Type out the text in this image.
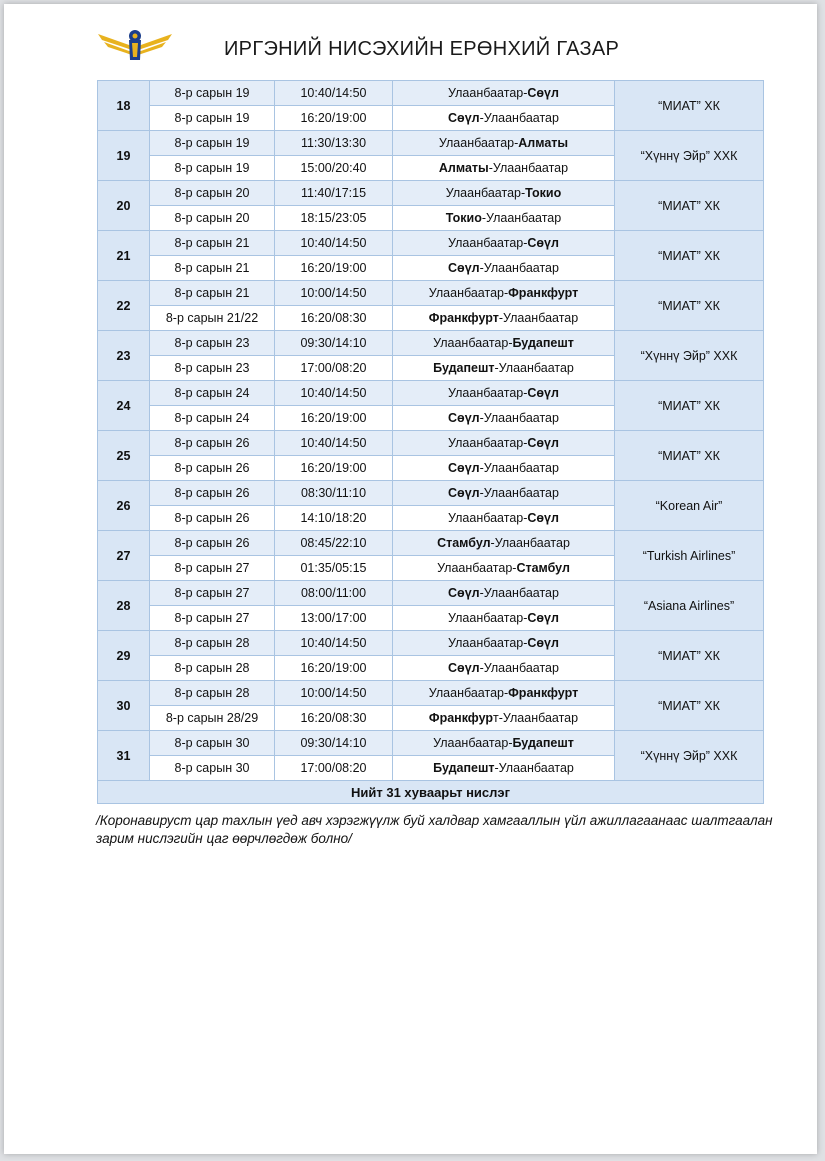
ИРГЭНИЙ НИСЭХИЙН ЕРӨНХИЙ ГАЗАР
18	8-р сарын 19	10:40/14:50	Улаанбаатар-Сөүл	“МИАТ” ХК
	8-р сарын 19	16:20/19:00	Сөүл-Улаанбаатар	
19	8-р сарын 19	11:30/13:30	Улаанбаатар-Алматы	“Хүннү Эйр” ХХК
	8-р сарын 19	15:00/20:40	Алматы-Улаанбаатар	
20	8-р сарын 20	11:40/17:15	Улаанбаатар-Токио	“МИАТ” ХК
	8-р сарын 20	18:15/23:05	Токио-Улаанбаатар	
21	8-р сарын 21	10:40/14:50	Улаанбаатар-Сөүл	“МИАТ” ХК
	8-р сарын 21	16:20/19:00	Сөүл-Улаанбаатар	
22	8-р сарын 21	10:00/14:50	Улаанбаатар-Франкфурт	“МИАТ” ХК
	8-р сарын 21/22	16:20/08:30	Франкфурт-Улаанбаатар	
23	8-р сарын 23	09:30/14:10	Улаанбаатар-Будапешт	“Хүннү Эйр” ХХК
	8-р сарын 23	17:00/08:20	Будапешт-Улаанбаатар	
24	8-р сарын 24	10:40/14:50	Улаанбаатар-Сөүл	“МИАТ” ХК
	8-р сарын 24	16:20/19:00	Сөүл-Улаанбаатар	
25	8-р сарын 26	10:40/14:50	Улаанбаатар-Сөүл	“МИАТ” ХК
	8-р сарын 26	16:20/19:00	Сөүл-Улаанбаатар	
26	8-р сарын 26	08:30/11:10	Сөүл-Улаанбаатар	“Korean Air”
	8-р сарын 26	14:10/18:20	Улаанбаатар-Сөүл	
27	8-р сарын 26	08:45/22:10	Стамбул-Улаанбаатар	“Turkish Airlines”
	8-р сарын 27	01:35/05:15	Улаанбаатар-Стамбул	
28	8-р сарын 27	08:00/11:00	Сөүл-Улаанбаатар	“Asiana Airlines”
	8-р сарын 27	13:00/17:00	Улаанбаатар-Сөүл	
29	8-р сарын 28	10:40/14:50	Улаанбаатар-Сөүл	“МИАТ” ХК
	8-р сарын 28	16:20/19:00	Сөүл-Улаанбаатар	
30	8-р сарын 28	10:00/14:50	Улаанбаатар-Франкфурт	“МИАТ” ХК
	8-р сарын 28/29	16:20/08:30	Франкфурт-Улаанбаатар	
31	8-р сарын 30	09:30/14:10	Улаанбаатар-Будапешт	“Хүннү Эйр” ХХК
	8-р сарын 30	17:00/08:20	Будапешт-Улаанбаатар	
Нийт 31 хуваарьт нислэг				
/Коронавируст цар тахлын үед авч хэрэгжүүлж буй халдвар хамгааллын үйл ажиллагаанаас шалтгаалан зарим нислэгийн цаг өөрчлөгдөж болно/
